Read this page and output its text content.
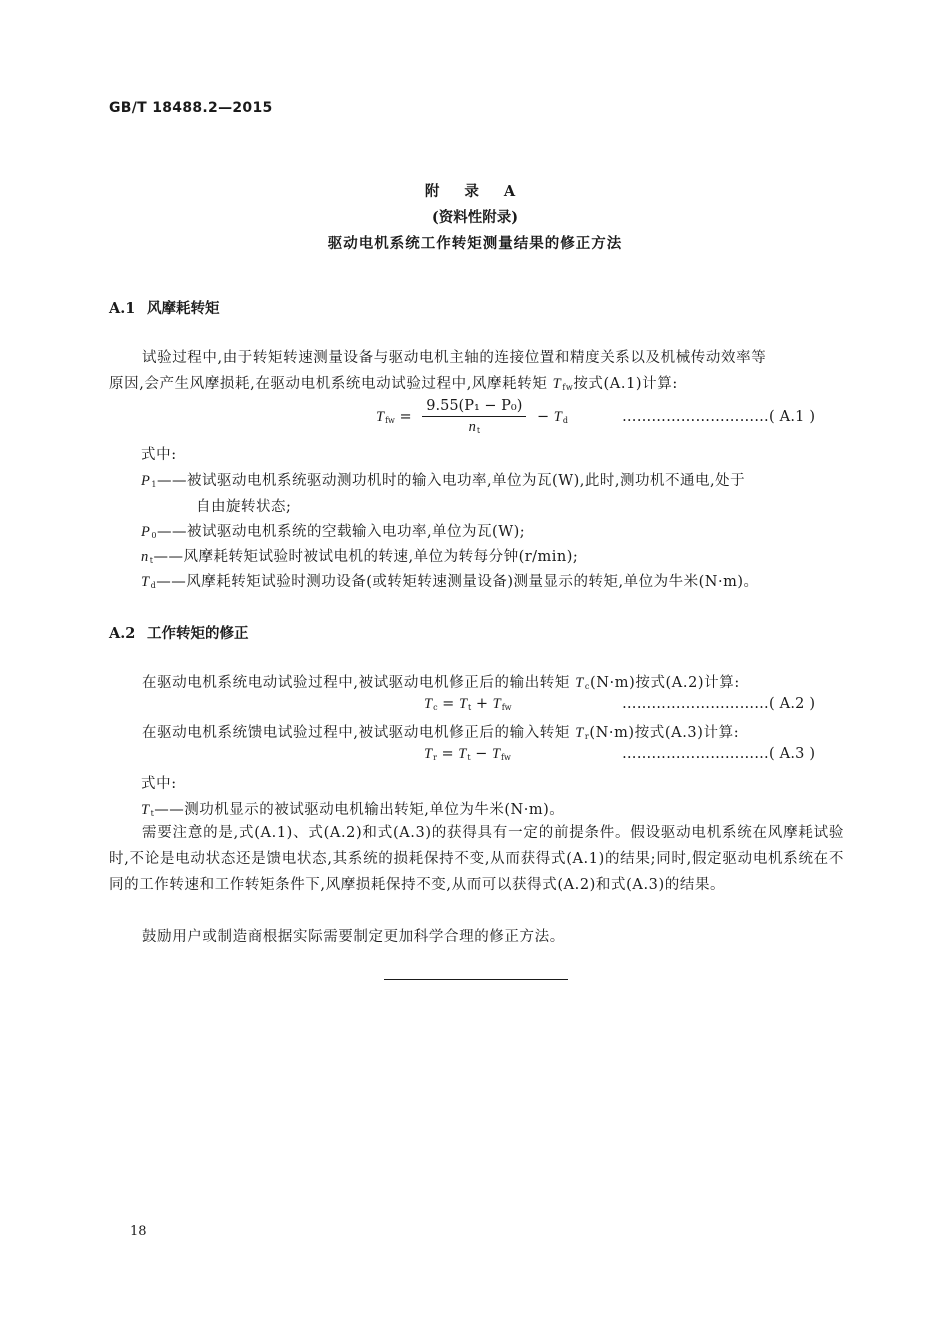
GB/T 18488.2—2015
附 录 A
(资料性附录)
驱动电机系统工作转矩测量结果的修正方法
A.1 风摩耗转矩
试验过程中,由于转矩转速测量设备与驱动电机主轴的连接位置和精度关系以及机械传动效率等
原因,会产生风摩损耗,在驱动电机系统电动试验过程中,风摩耗转矩 $T_{fw}$按式(A.1)计算:
$T_{fw} = \frac{\text{9.55(P₁ − P₀)}}{n_t} - T_d$	…………………………( A.1 )
式中:
$P_1——$被试驱动电机系统驱动测功机时的输入电功率,单位为瓦(W),此时,测功机不通电,处于
自由旋转状态;
$P_0——$被试驱动电机系统的空载输入电功率,单位为瓦(W);
$n_t——$风摩耗转矩试验时被试电机的转速,单位为转每分钟(r/min);
$T_d——$风摩耗转矩试验时测功设备(或转矩转速测量设备)测量显示的转矩,单位为牛米(N·m)。
A.2 工作转矩的修正
在驱动电机系统电动试验过程中,被试驱动电机修正后的输出转矩 $T_c(N\cdot m)$按式(A.2)计算:
$T_c = T_t + T_{fw}$	…………………………( A.2 )
在驱动电机系统馈电试验过程中,被试驱动电机修正后的输入转矩 $T_r(N\cdot m)$按式(A.3)计算:
$T_r = T_t - T_{fw}$	…………………………( A.3 )
式中:
$T_t——$测功机显示的被试驱动电机输出转矩,单位为牛米(N·m)。
需要注意的是,式(A.1)、式(A.2)和式(A.3)的获得具有一定的前提条件。假设驱动电机系统在风摩耗试验时,不论是电动状态还是馈电状态,其系统的损耗保持不变,从而获得式(A.1)的结果;同时,假定驱动电机系统在不同的工作转速和工作转矩条件下,风摩损耗保持不变,从而可以获得式(A.2)和式(A.3)的结果。
鼓励用户或制造商根据实际需要制定更加科学合理的修正方法。
18
